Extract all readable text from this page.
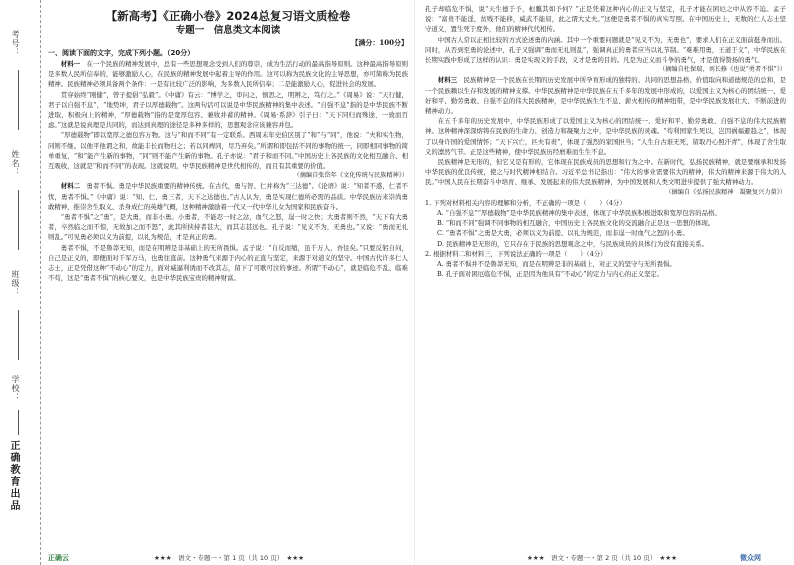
考号：
姓名：
班级：
学校：
正确教育出品
【新高考】《正确小卷》2024总复习语文质检卷
专题一　信息类文本阅读
【满分：100分】
一、阅读下面的文字，完成下列小题。（20分）

材料一　 在一个民族的精神发展中，总有一些思想观念受到人们的尊崇，成为生活行动的最高指导原则。这种最高指导原则是多数人民所信奉的，能够激励人心，在民族的精神发展中起着主导的作用。这可以称为民族文化的主导思想，亦可简称为民族精神。民族精神必须具备两个条件：一是有比较广泛的影响，为多数人民所信奉；二是能激励人心，促进社会的发展。

贯穿始终“刚健”，曾子提倡“弘毅”。《中庸》有云：“博学之，审问之，慎思之，明辨之，笃行之。”《周易》说：“天行健，君子以自强不息”，“地势坤，君子以厚德载物”。这两句话可以说是中华民族精神的集中表述。“自强不息”指的是中华民族不断进取、积极向上的精神，“厚德载物”指的是宽厚包容、兼收并蓄的精神。《周易·系辞》引子曰：“天下同归而殊途，一致而百虑。”这就是说真理是共同的，而达到真理的途径是多种多样的，思想观念应该兼容并包。

“厚德载物”即以宽厚之德包容万物。这与“和而不同”有一定联系。西周末年史伯区别了“和”与“同”，他说：“夫和实生物，同则不继。以他平他谓之和，故能丰长而物归之；若以同裨同，尽乃弃矣。”所谓和即包括不同的事物的统一，同即相同事物的简单重复，“和”能产生新的事物，“同”则不能产生新的事物。孔子亦说：“君子和而不同。”中国历史上各民族的文化相互融合、相互吸收，这就是“和而不同”的表现。这就说明，中华民族精神是世代相传的，而且有其重要的价值。

（摘编自张岱年《文化传统与民族精神》）

材料二　 勇者不惧。勇是中华民族重要的精神传统。在古代，勇与智、仁并称为“三达德”。《论语》说：“知者不惑，仁者不忧，勇者不惧。”《中庸》说：“知、仁、勇三者，天下之达德也。”古人认为，勇是实现仁德所必需的品质。中华民族历来崇尚勇敢精神，推崇舍生取义、杀身成仁的英雄气概，这种精神激励着一代又一代中华儿女为国家和民族奋斗。

“勇者不惧”之“勇”，是大勇，而非小勇。小勇者，不能忍一时之忿，血气之怒，逞一时之快；大勇者则不然，“天下有大勇者，卒然临之而不惊，无故加之而不怒”，此其所挟持者甚大，而其志甚远也。孔子说：“见义不为，无勇也。”又说：“勇而无礼则乱。”可见勇必须以义为前提，以礼为规范，才是真正的勇。

勇者不惧，不是鲁莽无知，而是在明辨是非基础上的无所畏惧。孟子说：“自反而缩，虽千万人，吾往矣。”只要反躬自问，自己是正义的，即便面对千军万马，也勇往直前。这种勇气来源于内心的正直与坚定，来源于对道义的坚守。中国古代许多仁人志士，正是凭借这种“不动心”的定力，面对威逼利诱而不改其志，留下了可歌可泣的事迹。所谓“不动心”，就是临危不乱、临难不苟，这是“勇者不惧”的核心要义，也是中华民族宝贵的精神财富。

孔子却临危不惧，说“天生德于予，桓魋其如予何？”正是凭着这种内心的正义与坚定，孔子才能在困厄之中从容不迫。孟子说：“富贵不能淫，贫贱不能移，威武不能屈，此之谓大丈夫。”这便是勇者不惧的真实写照。在中国历史上，无数的仁人志士坚守道义，置生死于度外，他们的精神代代相传。

中国古人常以正相比较的方式论述勇的内涵。其中一个重要问题就是“见义不为，无勇也”，要求人们在正义面前挺身而出。同时，从否到至勇的论述中，孔子又强调“勇而无礼则乱”，强调真正的勇者应当以礼节制。“难难用勇，王道于义”，中华民族在长期实践中形成了这样的认识：勇是实现义的手段，义才是勇的目的。凡是为正义而斗争的勇气，才是值得赞扬的勇气。

（摘编自杜保瑞、刘长修《也说“勇者不惧”》）

材料三　 民族精神是一个民族在长期的历史发展中所孕育形成的独特的、共同的思想品格、价值取向和道德规范的总和，是一个民族赖以生存和发展的精神支撑。中华民族精神是中华民族在五千多年的发展中形成的，以爱国主义为核心的团结统一、爱好和平、勤劳勇敢、自强不息的伟大民族精神，是中华民族生生不息、薪火相传的精神纽带，是中华民族发展壮大、不断前进的精神动力。

在五千多年的历史发展中，中华民族形成了以爱国主义为核心的团结统一、爱好和平、勤劳勇敢、自强不息的伟大民族精神。这种精神深深熔铸在民族的生命力、创造力和凝聚力之中，是中华民族的灵魂。“苟利国家生死以，岂因祸福避趋之”，体现了以身许国的爱国情怀；“天下兴亡，匹夫有责”，体现了强烈的家国担当；“人生自古谁无死，留取丹心照汗青”，体现了舍生取义的凛然气节。正是这些精神，使中华民族历经磨难而生生不息。

民族精神是无形的，但它又是有形的，它体现在民族成员的思想和行为之中。在新时代，弘扬民族精神，就是要继承和发扬中华民族的优良传统，使之与时代精神相结合。习近平总书记指出：“伟大的事业需要伟大的精神，伟大的精神来源于伟大的人民。”中国人民在长期奋斗中培育、继承、发展起来的伟大民族精神，为中国发展和人类文明进步提供了强大精神动力。

（摘编自《弘扬民族精神　凝聚复兴力量》）

1. 下列对材料相关内容的理解和分析，不正确的一项是（　　）（4分）

A. “自强不息”“厚德载物”是中华民族精神的集中表述，体现了中华民族积极进取和宽厚包容的品格。

B. “和而不同”强调不同事物的相互融合，中国历史上各民族文化的交流融合正是这一思想的体现。

C. “勇者不惧”之勇是大勇，必须以义为前提、以礼为规范，而非逞一时血气之怒的小勇。

D. 民族精神是无形的，它只存在于民族的思想观念之中，与民族成员的具体行为没有直接关系。

2. 根据材料二和材料三，下列说法正确的一项是（　　）（4分）

A. 勇者不惧并不是鲁莽无知，而是在明辨是非的基础上，对正义的坚守与无所畏惧。

B. 孔子面对困厄临危不惧，正是因为他具有“不动心”的定力与内心的正义坚定。

正确云	★★★　语文・专题一・第 1 页（共 10 页）　★★★	★★★　语文・专题一・第 2 页（共 10 页）　★★★	微众网
